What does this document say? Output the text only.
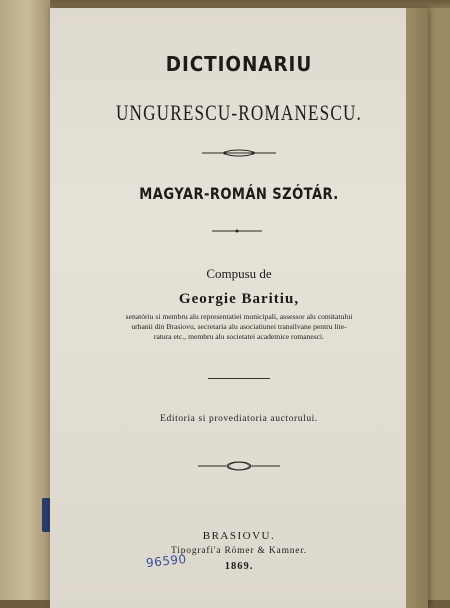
DICTIONARIU
UNGURESCU-ROMANESCU.
MAGYAR-ROMÁN SZÓTÁR.
Compusu de
Georgie Baritiu,
senatóriu si membru alu representatiei municipali, assessor alu comitatului
urbanii din Brasiovu, secretaria alu asociatiunei transilvane pentru lite-
ratura etc., membru alu societatei academice romanesci.
Editoria si provediatoria auctorului.
BRASIOVU.
Tipografi'a Römer & Kamner.
1869.
96590
